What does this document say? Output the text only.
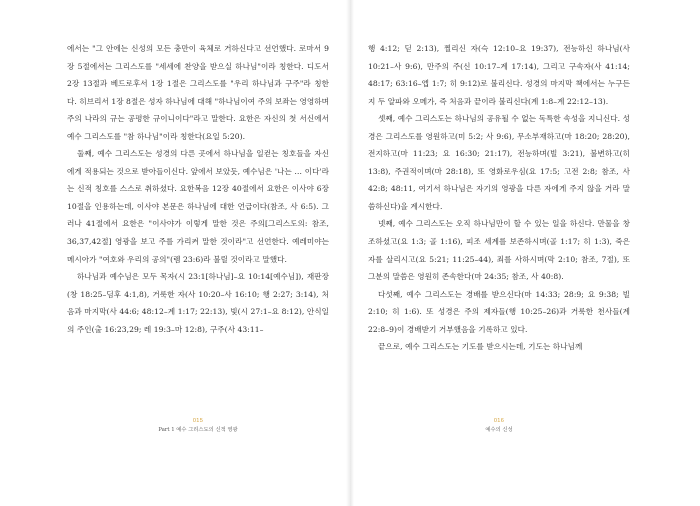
에서는 "그 안에는 신성의 모든 충만이 육체로 거하신다고 선언했다. 로마서 9장 5절에서는 그리스도를 "세세에 찬양을 받으실 하나님"이라 칭한다. 디도서 2장 13절과 베드로후서 1장 1절은 그리스도를 "우리 하나님과 구주"라 칭한다. 히브리서 1장 8절은 성자 하나님에 대해 "하나님이여 주의 보좌는 영영하며 주의 나라의 규는 공평한 규이니이다"라고 말한다. 요한은 자신의 첫 서신에서 예수 그리스도를 "참 하나님"이라 칭한다(요일 5:20).

둘째, 예수 그리스도는 성경의 다른 곳에서 하나님을 일컫는 칭호들을 자신에게 적용되는 것으로 받아들이신다. 앞에서 보았듯, 예수님은 '나는 … 이다'라는 신적 칭호를 스스로 취하셨다. 요한복음 12장 40절에서 요한은 이사야 6장 10절을 인용하는데, 이사야 본문은 하나님에 대한 언급이다(참조, 사 6:5). 그러나 41절에서 요한은 "이사야가 이렇게 말한 것은 주의[그리스도의: 참조, 36,37,42절] 영광을 보고 주를 가리켜 말한 것이라"고 선언한다. 예레미야는 메시아가 "여호와 우리의 공의"(렘 23:6)라 불릴 것이라고 말했다.

하나님과 예수님은 모두 목자(시 23:1[하나님]–요 10:14[예수님]), 재판장(창 18:25–딤후 4:1,8), 거룩한 자(사 10:20–사 16:10; 행 2:27; 3:14), 처음과 마지막(사 44:6; 48:12–계 1:17; 22:13), 빛(시 27:1–요 8:12), 안식일의 주인(출 16:23,29; 레 19:3–마 12:8), 구주(사 43:11–

행 4:12; 딛 2:13), 찔리신 자(슥 12:10–요 19:37), 전능하신 하나님(사 10:21–사 9:6), 만주의 주(신 10:17–계 17:14), 그리고 구속자(사 41:14; 48:17; 63:16–엡 1:7; 히 9:12)로 불리신다. 성경의 마지막 책에서는 누구든지 두 알파와 오메가, 즉 처음과 끝이라 불리신다(계 1:8–계 22:12–13).

셋째, 예수 그리스도는 하나님의 공유될 수 없는 독특한 속성을 지니신다. 성경은 그리스도를 영원하고(미 5:2; 사 9:6), 무소부재하고(마 18:20; 28:20), 전지하고(마 11:23; 요 16:30; 21:17), 전능하며(빌 3:21), 불변하고(히 13:8), 주권적이며(마 28:18), 또 영화로우심(요 17:5; 고전 2:8; 참조, 사 42:8; 48:11, 여기서 하나님은 자기의 영광을 다른 자에게 주지 않을 거라 말씀하신다)을 계시한다.

넷째, 예수 그리스도는 오직 하나님만이 할 수 있는 일을 하신다. 만물을 창조하셨고(요 1:3; 골 1:16), 피조 세계를 보존하시며(골 1:17; 히 1:3), 죽은 자를 살리시고(요 5:21; 11:25–44), 죄를 사하시며(막 2:10; 참조, 7절), 또 그분의 말씀은 영원히 존속한다(마 24:35; 참조, 사 40:8).

다섯째, 예수 그리스도는 경배를 받으신다(마 14:33; 28:9; 요 9:38; 빌 2:10; 히 1:6). 또 성경은 주의 제자들(행 10:25–26)과 거룩한 천사들(계 22:8–9)이 경배받기 거부했음을 기록하고 있다.

끝으로, 예수 그리스도는 기도를 받으시는데, 기도는 하나님께

015
Part 1 예수 그리스도의 신적 영광
016
예수의 신성
